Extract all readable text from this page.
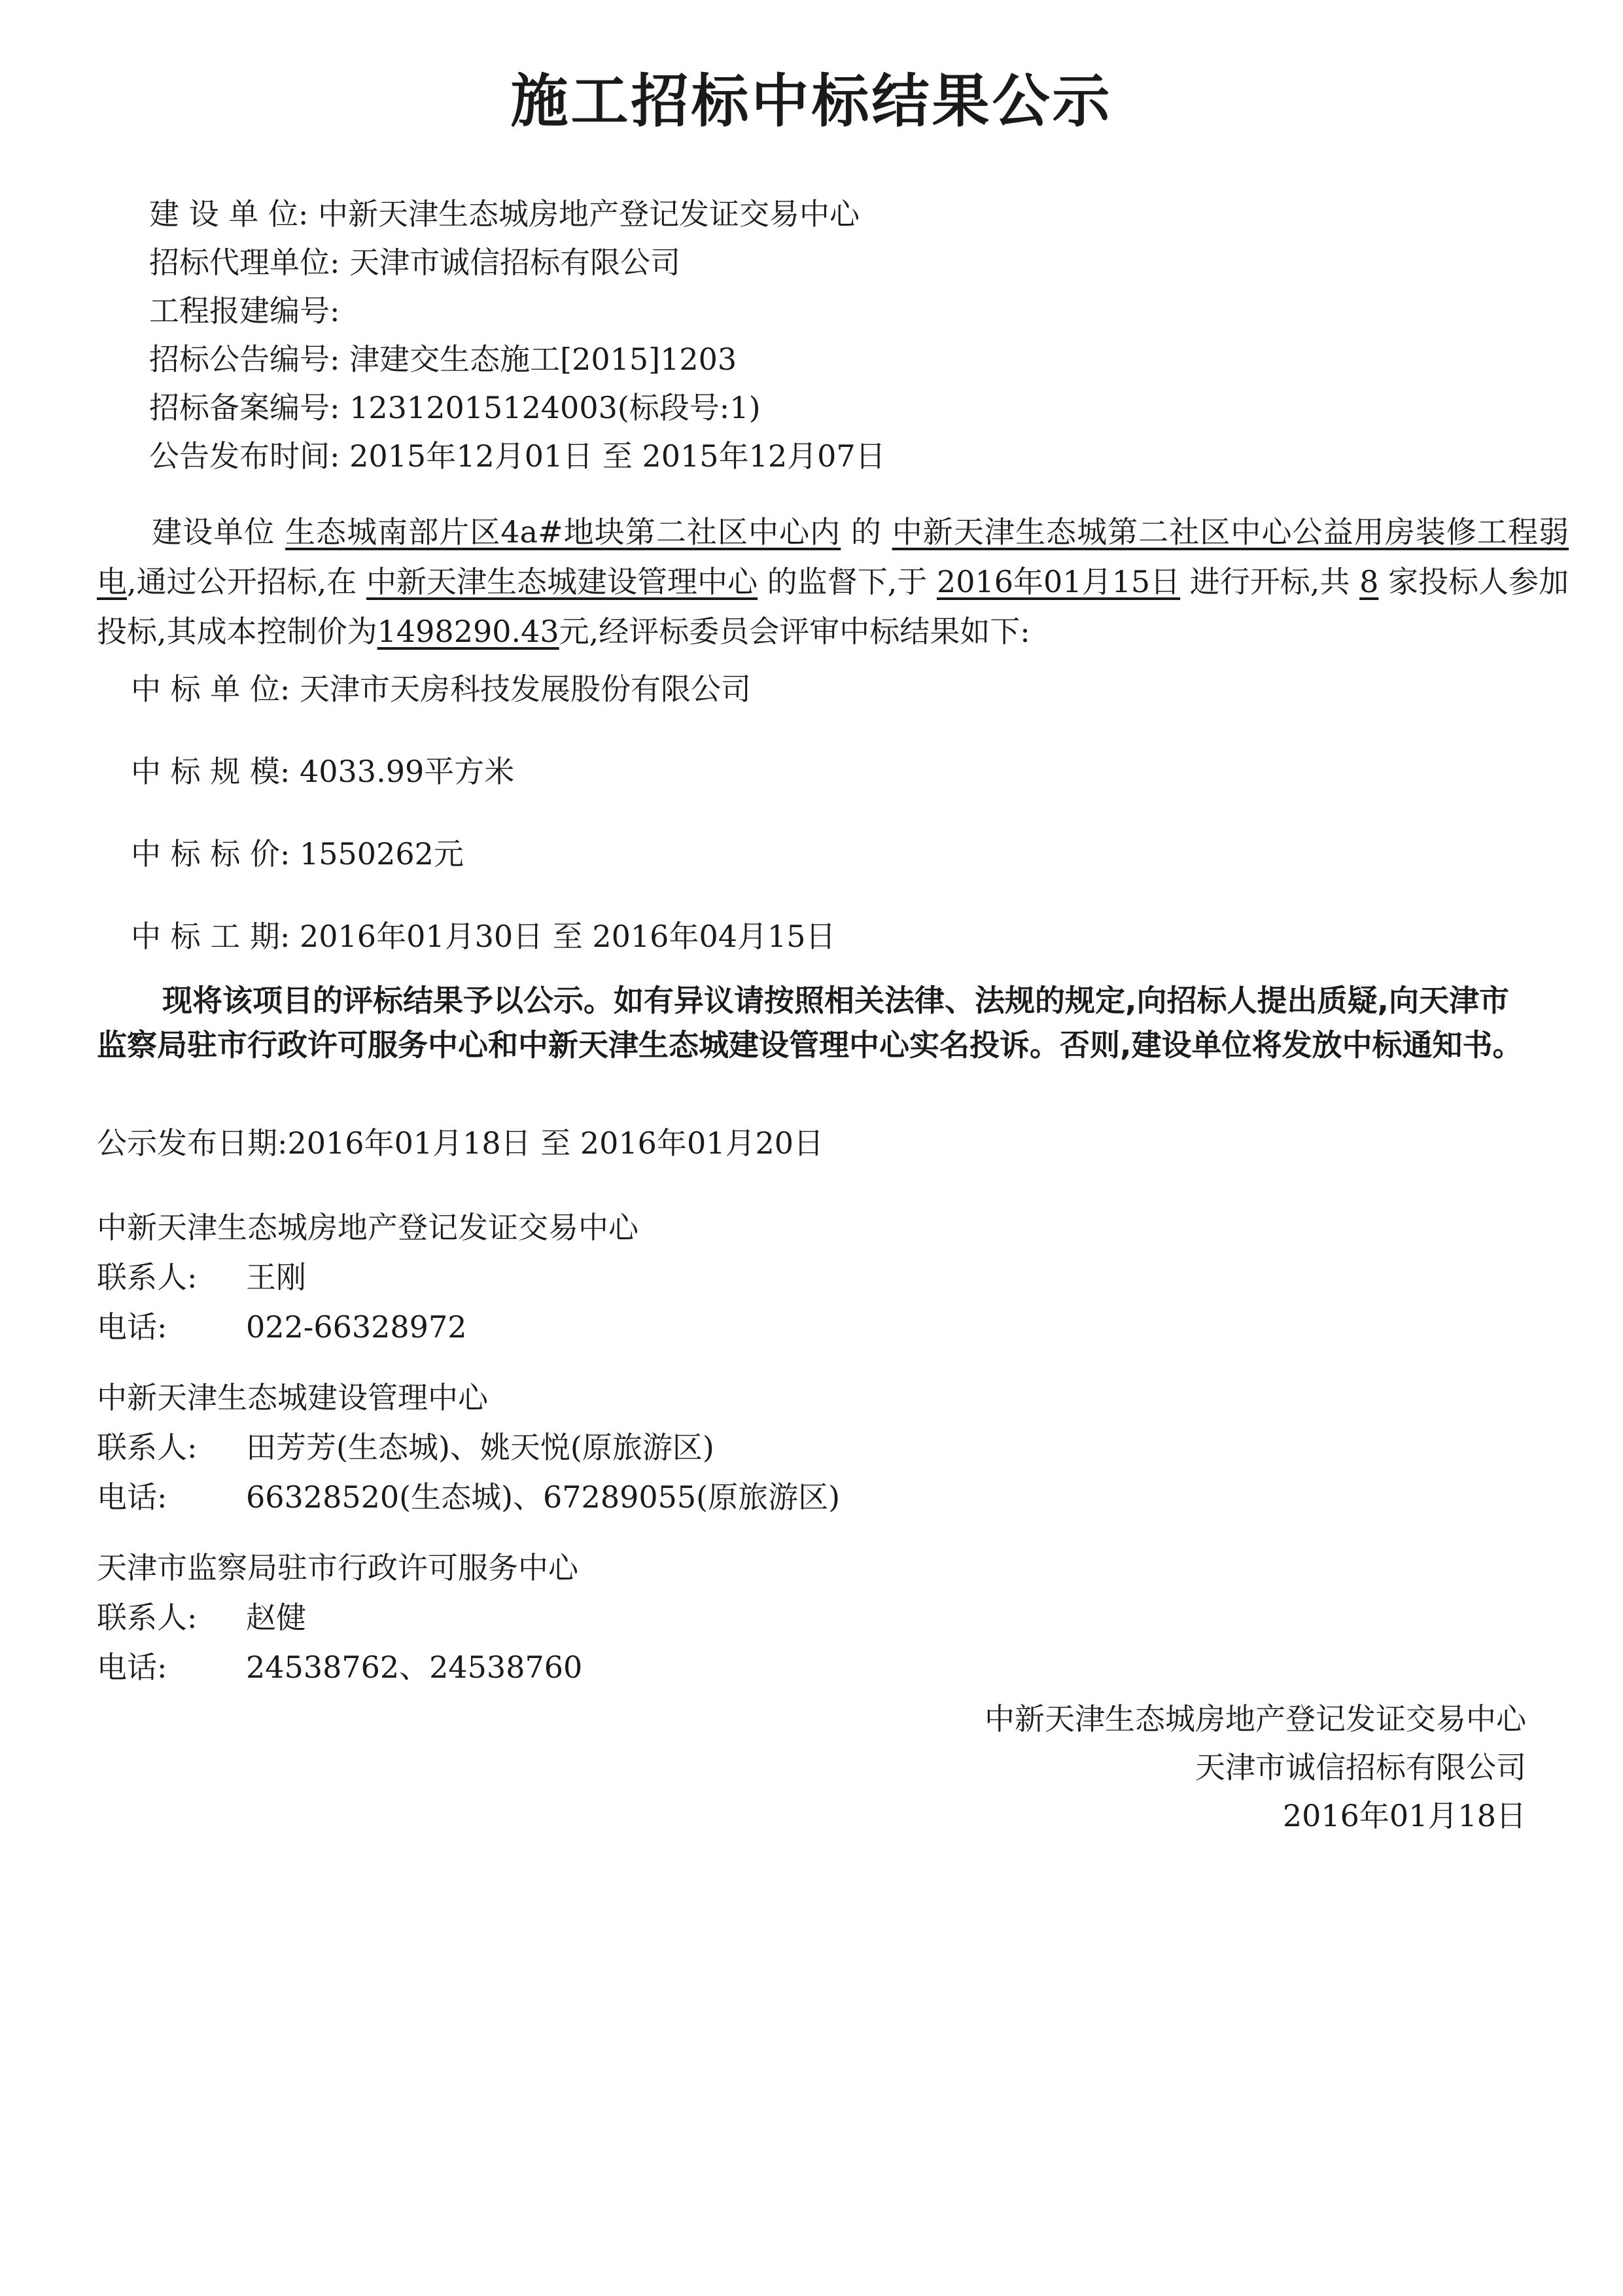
施工招标中标结果公示
建 设 单 位: 中新天津生态城房地产登记发证交易中心
招标代理单位: 天津市诚信招标有限公司
工程报建编号:
招标公告编号: 津建交生态施工[2015]1203
招标备案编号: 12312015124003(标段号:1)
公告发布时间: 2015年12月01日 至 2015年12月07日
建设单位 生态城南部片区4a#地块第二社区中心内 的 中新天津生态城第二社区中心公益用房装修工程弱电,通过公开招标,在 中新天津生态城建设管理中心 的监督下,于 2016年01月15日 进行开标,共 8 家投标人参加投标,其成本控制价为1498290.43元,经评标委员会评审中标结果如下:
中 标 单 位: 天津市天房科技发展股份有限公司
中 标 规 模: 4033.99平方米
中 标 标 价: 1550262元
中 标 工 期: 2016年01月30日 至 2016年04月15日
现将该项目的评标结果予以公示。如有异议请按照相关法律、法规的规定,向招标人提出质疑,向天津市监察局驻市行政许可服务中心和中新天津生态城建设管理中心实名投诉。否则,建设单位将发放中标通知书。
公示发布日期:2016年01月18日 至 2016年01月20日
中新天津生态城房地产登记发证交易中心
联系人: 王刚
电话:	022-66328972
中新天津生态城建设管理中心
联系人: 田芳芳(生态城)、姚天悦(原旅游区)
电话:	66328520(生态城)、67289055(原旅游区)
天津市监察局驻市行政许可服务中心
联系人: 赵健
电话:	24538762、24538760
中新天津生态城房地产登记发证交易中心
天津市诚信招标有限公司
2016年01月18日
